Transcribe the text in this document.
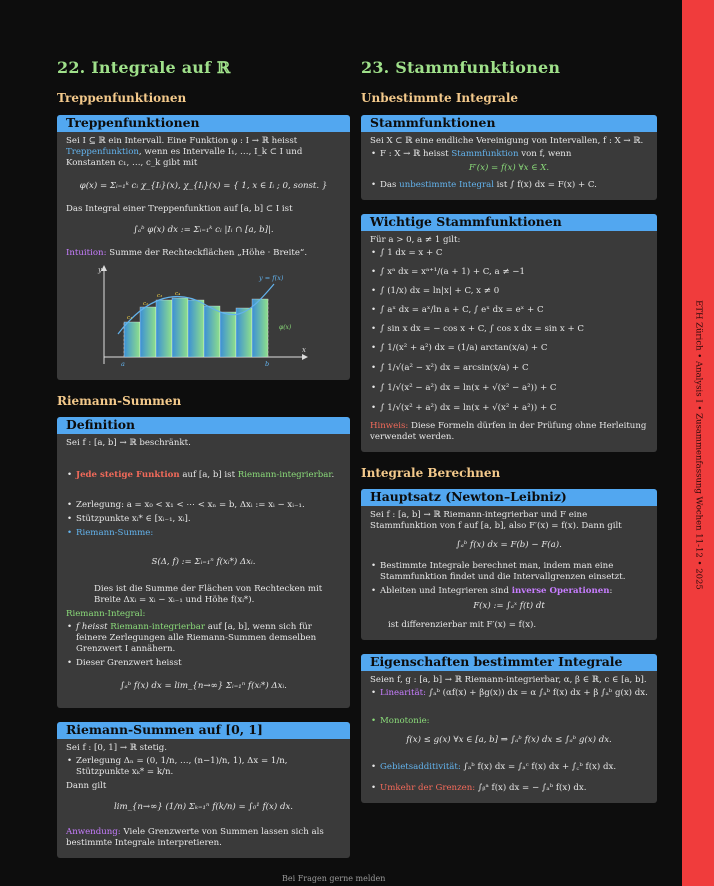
ETH Zürich • Analysis I • Zusammenfassung Wochen 11-12 • 2025
22. Integrale auf ℝ
Treppenfunktionen
Treppenfunktionen

Sei I ⊆ ℝ ein Intervall. Eine Funktion φ : I → ℝ heisst Treppenfunktion, wenn es Intervalle I₁, …, I_k ⊂ I und Konstanten c₁, …, c_k gibt mit

φ(x) = Σᵢ₌₁ᵏ cᵢ χ_{Iᵢ}(x), χ_{Iᵢ}(x) = { 1, x ∈ Iᵢ ; 0, sonst. }

Das Integral einer Treppenfunktion auf [a, b] ⊂ I ist

∫ₐᵇ φ(x) dx := Σᵢ₌₁ᵏ cᵢ |Iᵢ ∩ [a, b]|.

Intuition: Summe der Rechteckflächen „Höhe · Breite“.

y
x
a	b
y = f(x)
φ(x)
c₁
c₂
c₃ c₄
Riemann-Summen
Definition

Sei f : [a, b] → ℝ beschränkt.

• Jede stetige Funktion auf [a, b] ist Riemann-integrierbar.
• Zerlegung: a = x₀ < x₁ < ⋯ < xₙ = b, Δxᵢ := xᵢ − xᵢ₋₁.
• Stützpunkte xᵢ* ∈ [xᵢ₋₁, xᵢ].
• Riemann-Summe:
S(Δ, f) := Σᵢ₌₁ⁿ f(xᵢ*) Δxᵢ.

Dies ist die Summe der Flächen von Rechtecken mit Breite Δxᵢ = xᵢ − xᵢ₋₁ und Höhe f(xᵢ*).

Riemann-Integral:

• f heisst Riemann-integrierbar auf [a, b], wenn sich für feinere Zerlegungen alle Riemann-Summen demselben Grenzwert I annähern.
• Dieser Grenzwert heisst
∫ₐᵇ f(x) dx = lim_{n→∞} Σᵢ₌₁ⁿ f(xᵢ*) Δxᵢ.
Riemann-Summen auf [0, 1]

Sei f : [0, 1] → ℝ stetig.

• Zerlegung Δₙ = (0, 1/n, …, (n−1)/n, 1), Δx = 1/n, Stützpunkte xₖ* = k/n.

Dann gilt

lim_{n→∞} (1/n) Σₖ₌₁ⁿ f(k/n) = ∫₀¹ f(x) dx.

Anwendung: Viele Grenzwerte von Summen lassen sich als bestimmte Integrale interpretieren.

23. Stammfunktionen
Unbestimmte Integrale
Stammfunktionen

Sei X ⊂ ℝ eine endliche Vereinigung von Intervallen, f : X → ℝ.

• F : X → ℝ heisst Stammfunktion von f, wenn
F′(x) = f(x) ∀x ∈ X.
• Das unbestimmte Integral ist ∫ f(x) dx = F(x) + C.
Wichtige Stammfunktionen

Für a > 0, a ≠ 1 gilt:

• ∫ 1 dx = x + C
• ∫ xᵃ dx = xᵃ⁺¹/(a + 1) + C, a ≠ −1
• ∫ (1/x) dx = ln|x| + C, x ≠ 0
• ∫ aˣ dx = aˣ/ln a + C, ∫ eˣ dx = eˣ + C
• ∫ sin x dx = − cos x + C, ∫ cos x dx = sin x + C
• ∫ 1/(x² + a²) dx = (1/a) arctan(x/a) + C
• ∫ 1/√(a² − x²) dx = arcsin(x/a) + C
• ∫ 1/√(x² − a²) dx = ln(x + √(x² − a²)) + C
• ∫ 1/√(x² + a²) dx = ln(x + √(x² + a²)) + C

Hinweis: Diese Formeln dürfen in der Prüfung ohne Herleitung verwendet werden.

Integrale Berechnen
Hauptsatz (Newton–Leibniz)

Sei f : [a, b] → ℝ Riemann-integrierbar und F eine Stammfunktion von f auf [a, b], also F′(x) = f(x). Dann gilt

∫ₐᵇ f(x) dx = F(b) − F(a).
• Bestimmte Integrale berechnet man, indem man eine Stammfunktion findet und die Intervallgrenzen einsetzt.
• Ableiten und Integrieren sind inverse Operationen:
F(x) := ∫ₐˣ f(t) dt

ist differenzierbar mit F′(x) = f(x).

Eigenschaften bestimmter Integrale

Seien f, g : [a, b] → ℝ Riemann-integrierbar, α, β ∈ ℝ, c ∈ [a, b].

• Linearität: ∫ₐᵇ (αf(x) + βg(x)) dx = α ∫ₐᵇ f(x) dx + β ∫ₐᵇ g(x) dx.
• Monotonie:
f(x) ≤ g(x) ∀x ∈ [a, b] ⇒ ∫ₐᵇ f(x) dx ≤ ∫ₐᵇ g(x) dx.
• Gebietsadditivität: ∫ₐᵇ f(x) dx = ∫ₐᶜ f(x) dx + ∫꜀ᵇ f(x) dx.
• Umkehr der Grenzen: ∫ᵦᵃ f(x) dx = − ∫ₐᵇ f(x) dx.
Bei Fragen gerne melden
